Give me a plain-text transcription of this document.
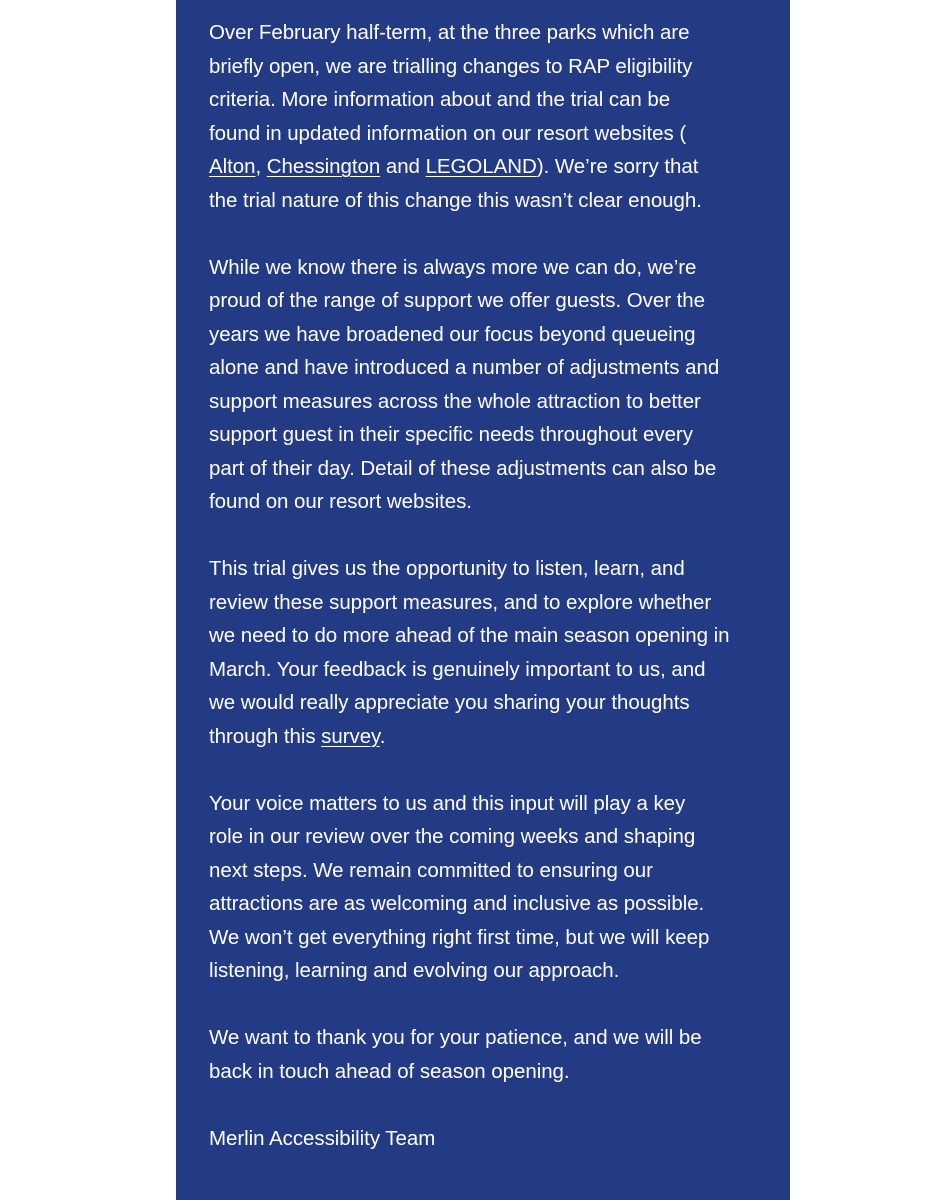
Over February half-term, at the three parks which are
briefly open, we are trialling changes to RAP eligibility
criteria. More information about and the trial can be
found in updated information on our resort websites (
Alton, Chessington and LEGOLAND). We’re sorry that
the trial nature of this change this wasn’t clear enough.

While we know there is always more we can do, we’re
proud of the range of support we offer guests. Over the
years we have broadened our focus beyond queueing
alone and have introduced a number of adjustments and
support measures across the whole attraction to better
support guest in their specific needs throughout every
part of their day. Detail of these adjustments can also be
found on our resort websites.

This trial gives us the opportunity to listen, learn, and
review these support measures, and to explore whether
we need to do more ahead of the main season opening in
March. Your feedback is genuinely important to us, and
we would really appreciate you sharing your thoughts
through this survey.

Your voice matters to us and this input will play a key
role in our review over the coming weeks and shaping
next steps. We remain committed to ensuring our
attractions are as welcoming and inclusive as possible.
We won’t get everything right first time, but we will keep
listening, learning and evolving our approach.

We want to thank you for your patience, and we will be
back in touch ahead of season opening.

Merlin Accessibility Team
